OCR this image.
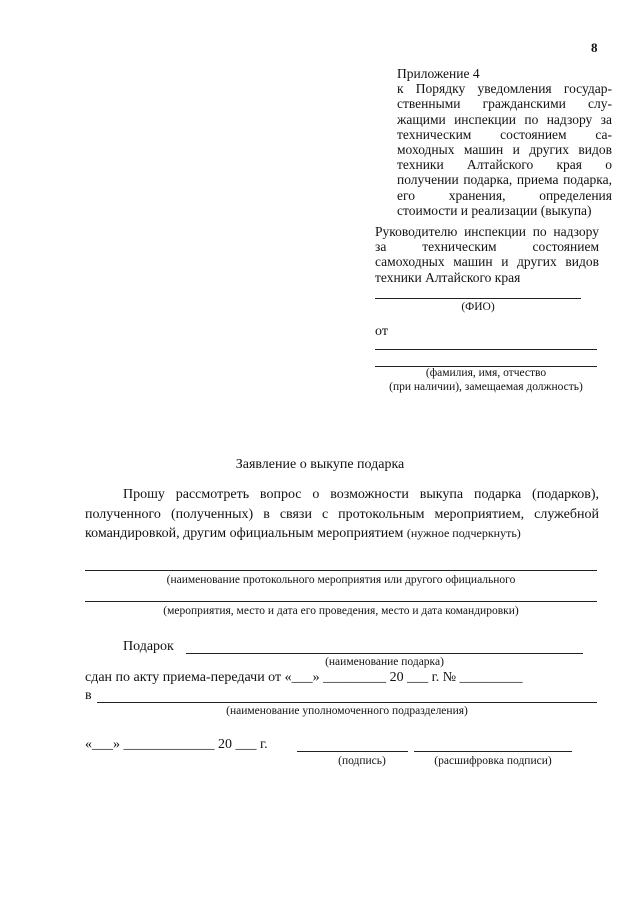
8
Приложение 4
к Порядку уведомления государственными гражданскими служащими инспекции по надзору за техническим состоянием самоходных машин и других видов техники Алтайского края о получении подарка, приема подарка, его хранения, определения стоимости и реализации (выкупа)
Руководителю инспекции по надзору за техническим состоянием самоходных машин и других видов техники Алтайского края
(ФИО)
от
(фамилия, имя, отчество
(при наличии), замещаемая должность)
Заявление о выкупе подарка
Прошу рассмотреть вопрос о возможности выкупа подарка (подарков), полученного (полученных) в связи с протокольным мероприятием, служебной командировкой, другим официальным мероприятием (нужное подчеркнуть)
(наименование протокольного мероприятия или другого официального
(мероприятия, место и дата его проведения, место и дата командировки)
Подарок
(наименование подарка)
сдан по акту приема-передачи от «___» _________ 20 ___ г. № _________
в
(наименование уполномоченного подразделения)
«___» _____________ 20 ___ г.
(подпись)	(расшифровка подписи)
